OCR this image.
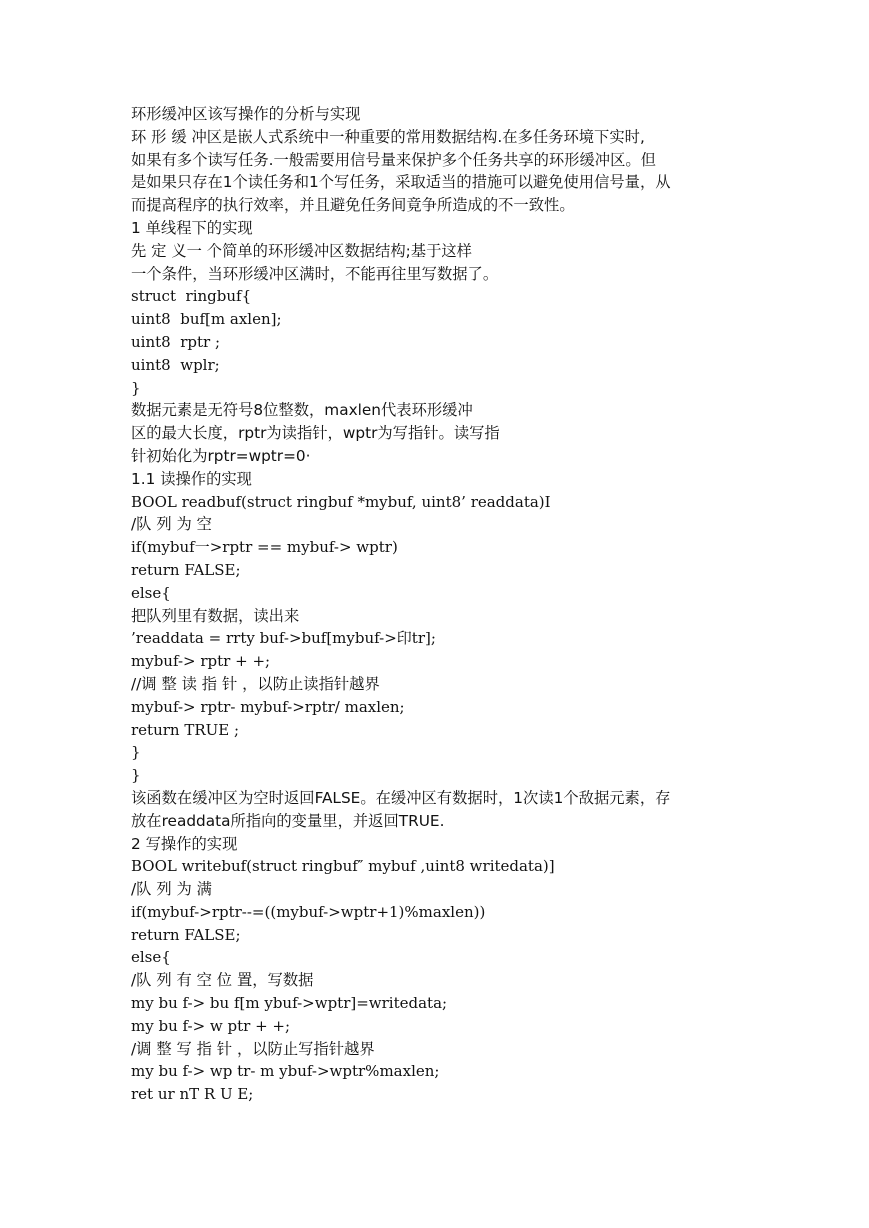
环形缓冲区该写操作的分析与实现
环 形 缓 冲区是嵌人式系统中一种重要的常用数据结构.在多任务环境下实时,
如果有多个读写任务.一般需要用信号量来保护多个任务共享的环形缓冲区。但
是如果只存在1个读任务和1个写任务，采取适当的措施可以避免使用信号量，从
而提高程序的执行效率，并且避免任务间竟争所造成的不一致性。
1 单线程下的实现
先 定 义一 个简单的环形缓冲区数据结构;基于这样
一个条件，当环形缓冲区满时，不能再往里写数据了。
struct  ringbuf{
uint8  buf[m axlen];
uint8  rptr ;
uint8  wplr;
}
数据元素是无符号8位整数，maxlen代表环形缓冲
区的最大长度，rptr为读指针，wptr为写指针。读写指
针初始化为rptr=wptr=0·
1.1 读操作的实现
BOOL readbuf(struct ringbuf *mybuf, uint8’ readdata)I
/队 列 为 空
if(mybuf一>rptr == mybuf-> wptr)
return FALSE;
else{
把队列里有数据，读出来
’readdata = rrty buf->buf[mybuf->印tr];
mybuf-> rptr + +;
//调 整 读 指 针 ，以防止读指针越界
mybuf-> rptr- mybuf->rptr/ maxlen;
return TRUE ;
}
}
该函数在缓冲区为空时返回FALSE。在缓冲区有数据时，1次读1个敌据元素，存
放在readdata所指向的变量里，并返回TRUE.
2 写操作的实现
BOOL writebuf(struct ringbuf″ mybuf ,uint8 writedata)]
/队 列 为 满
if(mybuf->rptr--=((mybuf->wptr+1)%maxlen))
return FALSE;
else{
/队 列 有 空 位 置，写数据
my bu f-> bu f[m ybuf->wptr]=writedata;
my bu f-> w ptr + +;
/调 整 写 指 针 ，以防止写指针越界
my bu f-> wp tr- m ybuf->wptr%maxlen;
ret ur nT R U E;
